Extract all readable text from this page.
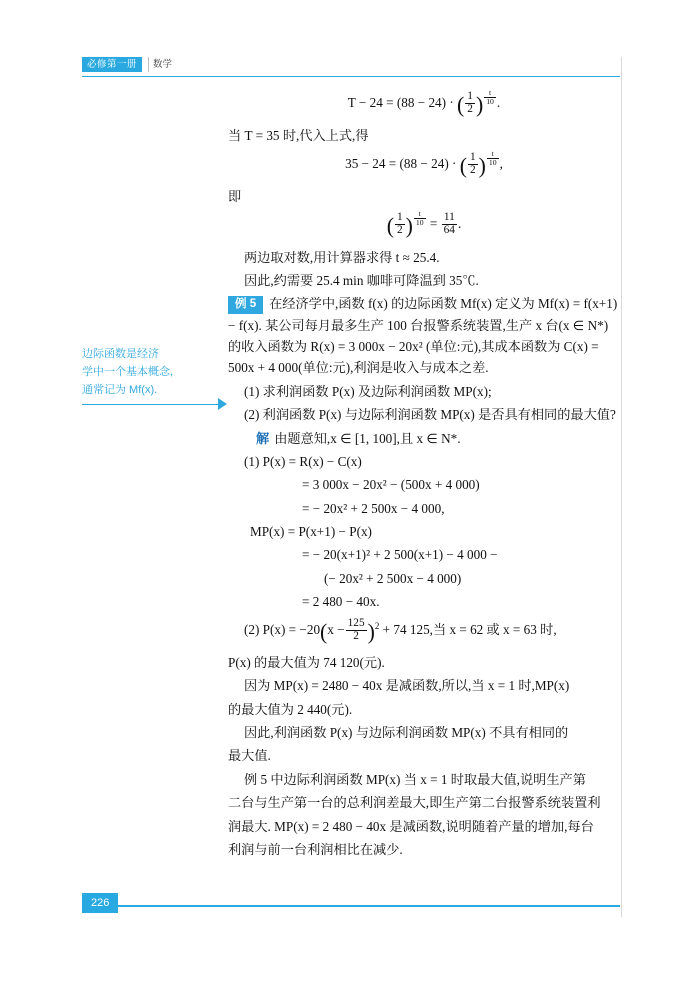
必修第一册	数学
边际函数是经济
学中一个基本概念,
通常记为 Mf(x).

T − 24 = (88 − 24) · ( $\frac{1}{2}$ ) $^{\frac{t}{10}}$ .

当 T = 35 时,代入上式,得

35 − 24 = (88 − 24) · ( $\frac{1}{2}$ ) $^{\frac{t}{10}}$ ,

即

( $\frac{1}{2}$ ) $^{\frac{t}{10}} = \frac{11}{64}$ .

两边取对数,用计算器求得 t ≈ 25.4.

因此,约需要 25.4 min 咖啡可降温到 35℃.

例 5 在经济学中,函数 f(x) 的边际函数 Mf(x) 定义为 Mf(x) = f(x+1) − f(x). 某公司每月最多生产 100 台报警系统装置,生产 x 台(x ∈ N*)的收入函数为 R(x) = 3 000x − 20x² (单位:元),其成本函数为 C(x) = 500x + 4 000(单位:元),利润是收入与成本之差.

(1) 求利润函数 P(x) 及边际利润函数 MP(x);

(2) 利润函数 P(x) 与边际利润函数 MP(x) 是否具有相同的最大值?

解 由题意知,x ∈ [1, 100],且 x ∈ N*.

(1) P(x) = R(x) − C(x)

= 3 000x − 20x² − (500x + 4 000)

= − 20x² + 2 500x − 4 000,

MP(x) = P(x+1) − P(x)

= − 20(x+1)² + 2 500(x+1) − 4 000 −

(− 20x² + 2 500x − 4 000)

= 2 480 − 40x.

(2) $P(x) = -20(x - \frac{125}{2} )^2 + 74$ 125,当 x = 62 或 x = 63 时,

P(x) 的最大值为 74 120(元).

因为 MP(x) = 2480 − 40x 是减函数,所以,当 x = 1 时,MP(x)

的最大值为 2 440(元).

因此,利润函数 P(x) 与边际利润函数 MP(x) 不具有相同的

最大值.

例 5 中边际利润函数 MP(x) 当 x = 1 时取最大值,说明生产第

二台与生产第一台的总利润差最大,即生产第二台报警系统装置利

润最大. MP(x) = 2 480 − 40x 是减函数,说明随着产量的增加,每台

利润与前一台利润相比在减少.

226
